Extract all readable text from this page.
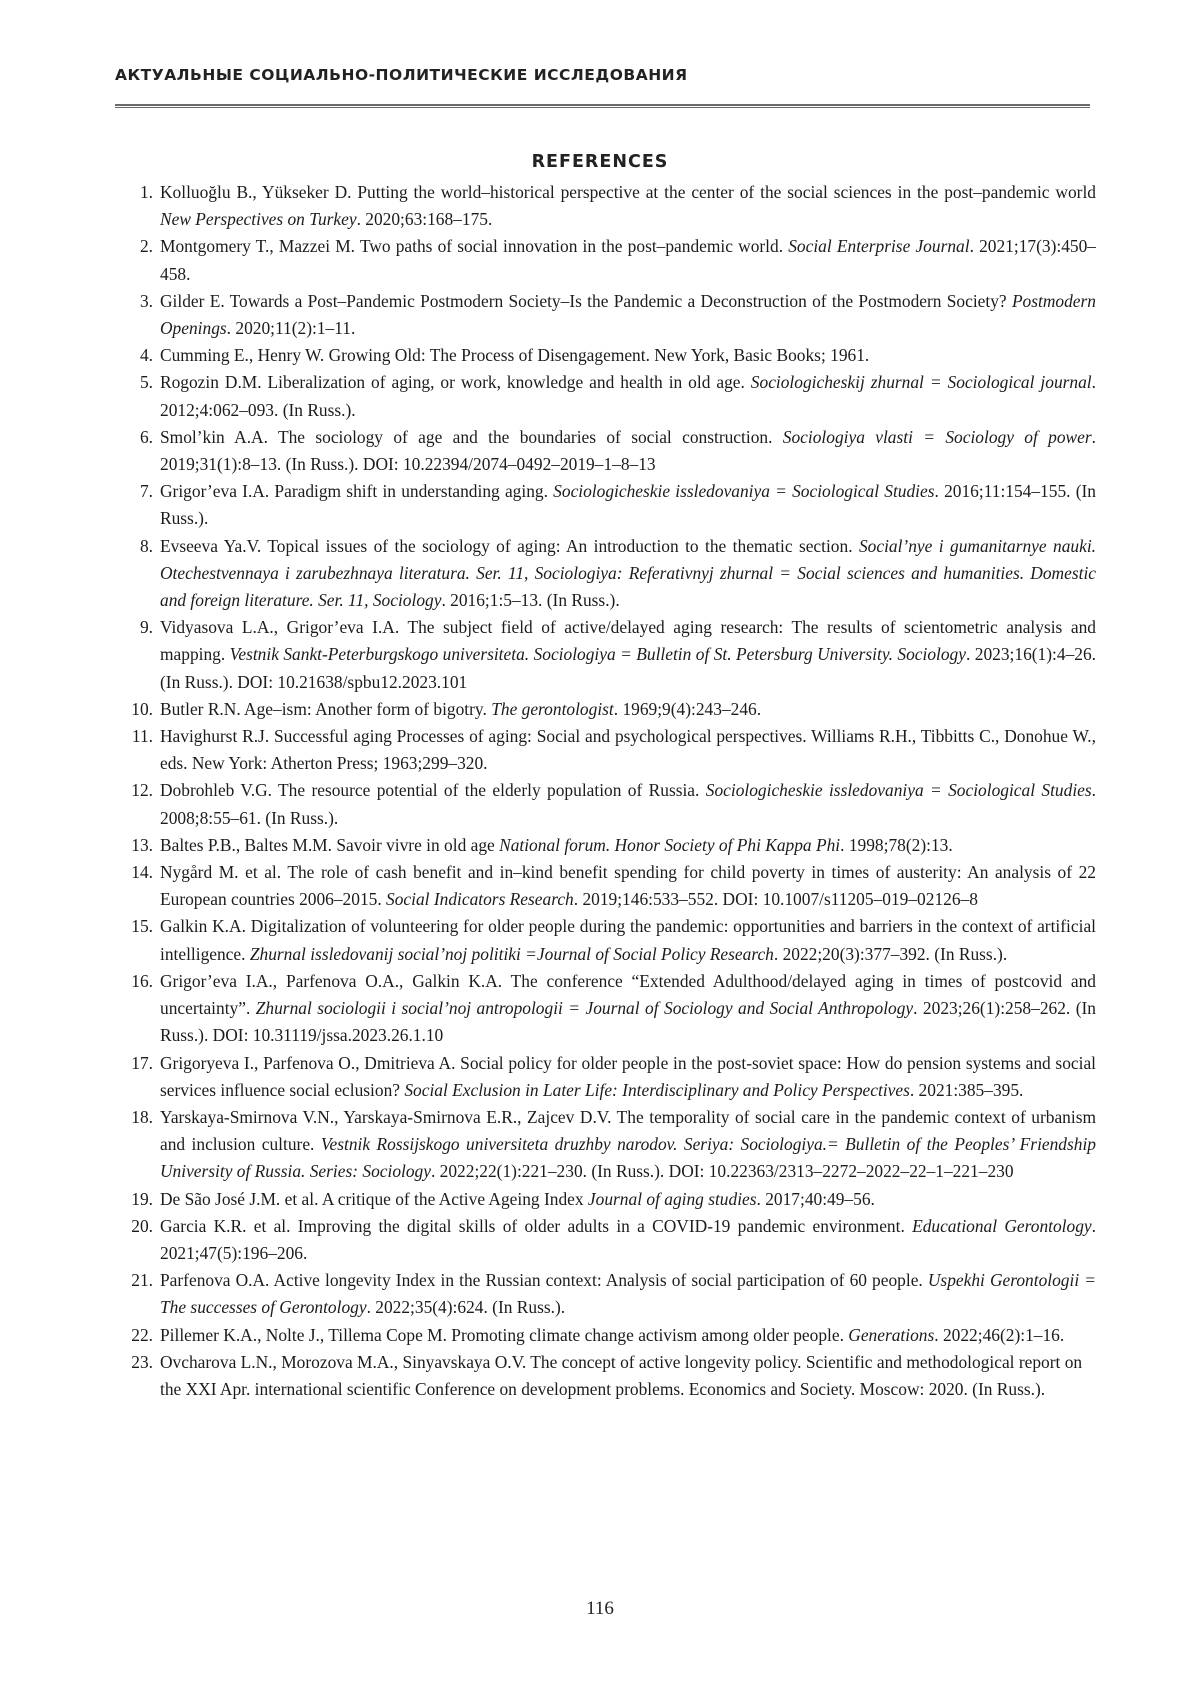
АКТУАЛЬНЫЕ СОЦИАЛЬНО-ПОЛИТИЧЕСКИЕ ИССЛЕДОВАНИЯ
REFERENCES
1. Kolluoğlu B., Yükseker D. Putting the world–historical perspective at the center of the social sciences in the post–pandemic world New Perspectives on Turkey. 2020;63:168–175.
2. Montgomery T., Mazzei M. Two paths of social innovation in the post–pandemic world. Social Enterprise Journal. 2021;17(3):450–458.
3. Gilder E. Towards a Post–Pandemic Postmodern Society–Is the Pandemic a Deconstruction of the Postmodern Society? Postmodern Openings. 2020;11(2):1–11.
4. Cumming E., Henry W. Growing Old: The Process of Disengagement. New York, Basic Books; 1961.
5. Rogozin D.M. Liberalization of aging, or work, knowledge and health in old age. Sociologicheskij zhurnal = Sociological journal. 2012;4:062–093. (In Russ.).
6. Smol’kin A.A. The sociology of age and the boundaries of social construction. Sociologiya vlasti = Sociology of power. 2019;31(1):8–13. (In Russ.). DOI: 10.22394/2074–0492–2019–1–8–13
7. Grigor’eva I.A. Paradigm shift in understanding aging. Sociologicheskie issledovaniya = Sociological Studies. 2016;11:154–155. (In Russ.).
8. Evseeva Ya.V. Topical issues of the sociology of aging: An introduction to the thematic section. Social’nye i gumanitarnye nauki. Otechestvennaya i zarubezhnaya literatura. Ser. 11, Sociologiya: Referativnyj zhurnal = Social sciences and humanities. Domestic and foreign literature. Ser. 11, Sociology. 2016;1:5–13. (In Russ.).
9. Vidyasova L.A., Grigor’eva I.A. The subject field of active/delayed aging research: The results of scientometric analysis and mapping. Vestnik Sankt-Peterburgskogo universiteta. Sociologiya = Bulletin of St. Petersburg University. Sociology. 2023;16(1):4–26. (In Russ.). DOI: 10.21638/spbu12.2023.101
10. Butler R.N. Age–ism: Another form of bigotry. The gerontologist. 1969;9(4):243–246.
11. Havighurst R.J. Successful aging Processes of aging: Social and psychological perspectives. Williams R.H., Tibbitts C., Donohue W., eds. New York: Atherton Press; 1963;299–320.
12. Dobrohleb V.G. The resource potential of the elderly population of Russia. Sociologicheskie issledovaniya = Sociological Studies. 2008;8:55–61. (In Russ.).
13. Baltes P.B., Baltes M.M. Savoir vivre in old age National forum. Honor Society of Phi Kappa Phi. 1998;78(2):13.
14. Nygård M. et al. The role of cash benefit and in–kind benefit spending for child poverty in times of austerity: An analysis of 22 European countries 2006–2015. Social Indicators Research. 2019;146:533–552. DOI: 10.1007/s11205–019–02126–8
15. Galkin K.A. Digitalization of volunteering for older people during the pandemic: opportunities and barriers in the context of artificial intelligence. Zhurnal issledovanij social’noj politiki =Journal of Social Policy Research. 2022;20(3):377–392. (In Russ.).
16. Grigor’eva I.A., Parfenova O.A., Galkin K.A. The conference “Extended Adulthood/delayed aging in times of postcovid and uncertainty”. Zhurnal sociologii i social’noj antropologii = Journal of Sociology and Social Anthropology. 2023;26(1):258–262. (In Russ.). DOI: 10.31119/jssa.2023.26.1.10
17. Grigoryeva I., Parfenova O., Dmitrieva A. Social policy for older people in the post-soviet space: How do pension systems and social services influence social eclusion? Social Exclusion in Later Life: Interdisciplinary and Policy Perspectives. 2021:385–395.
18. Yarskaya-Smirnova V.N., Yarskaya-Smirnova E.R., Zajcev D.V. The temporality of social care in the pandemic context of urbanism and inclusion culture. Vestnik Rossijskogo universiteta druzhby narodov. Seriya: Sociologiya.= Bulletin of the Peoples’ Friendship University of Russia. Series: Sociology. 2022;22(1):221–230. (In Russ.). DOI: 10.22363/2313–2272–2022–22–1–221–230
19. De São José J.M. et al. A critique of the Active Ageing Index Journal of aging studies. 2017;40:49–56.
20. Garcia K.R. et al. Improving the digital skills of older adults in a COVID-19 pandemic environment. Educational Gerontology. 2021;47(5):196–206.
21. Parfenova O.A. Active longevity Index in the Russian context: Analysis of social participation of 60 people. Uspekhi Gerontologii = The successes of Gerontology. 2022;35(4):624. (In Russ.).
22. Pillemer K.A., Nolte J., Tillema Cope M. Promoting climate change activism among older people. Generations. 2022;46(2):1–16.
23. Ovcharova L.N., Morozova M.A., Sinyavskaya O.V. The concept of active longevity policy. Scientific and methodological report on the XXI Apr. international scientific Conference on development problems. Economics and Society. Moscow: 2020. (In Russ.).
116
